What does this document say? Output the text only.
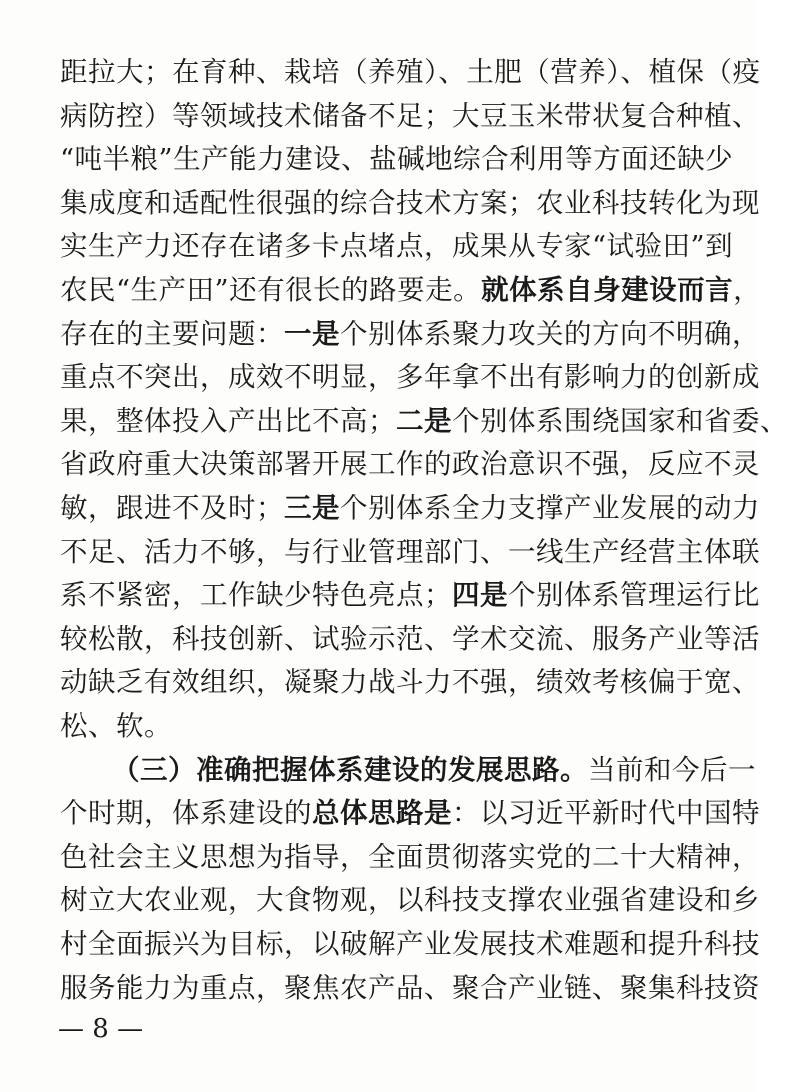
距拉大；在育种、栽培（养殖）、土肥（营养）、植保（疫
病防控）等领域技术储备不足；大豆玉米带状复合种植、
“吨半粮”生产能力建设、盐碱地综合利用等方面还缺少
集成度和适配性很强的综合技术方案；农业科技转化为现
实生产力还存在诸多卡点堵点，成果从专家“试验田”到
农民“生产田”还有很长的路要走。就体系自身建设而言，
存在的主要问题：一是个别体系聚力攻关的方向不明确，
重点不突出，成效不明显，多年拿不出有影响力的创新成
果，整体投入产出比不高；二是个别体系围绕国家和省委、
省政府重大决策部署开展工作的政治意识不强，反应不灵
敏，跟进不及时；三是个别体系全力支撑产业发展的动力
不足、活力不够，与行业管理部门、一线生产经营主体联
系不紧密，工作缺少特色亮点；四是个别体系管理运行比
较松散，科技创新、试验示范、学术交流、服务产业等活
动缺乏有效组织，凝聚力战斗力不强，绩效考核偏于宽、
松、软。
（三）准确把握体系建设的发展思路。当前和今后一
个时期，体系建设的总体思路是：以习近平新时代中国特
色社会主义思想为指导，全面贯彻落实党的二十大精神，
树立大农业观，大食物观，以科技支撑农业强省建设和乡
村全面振兴为目标，以破解产业发展技术难题和提升科技
服务能力为重点，聚焦农产品、聚合产业链、聚集科技资
— 8 —
